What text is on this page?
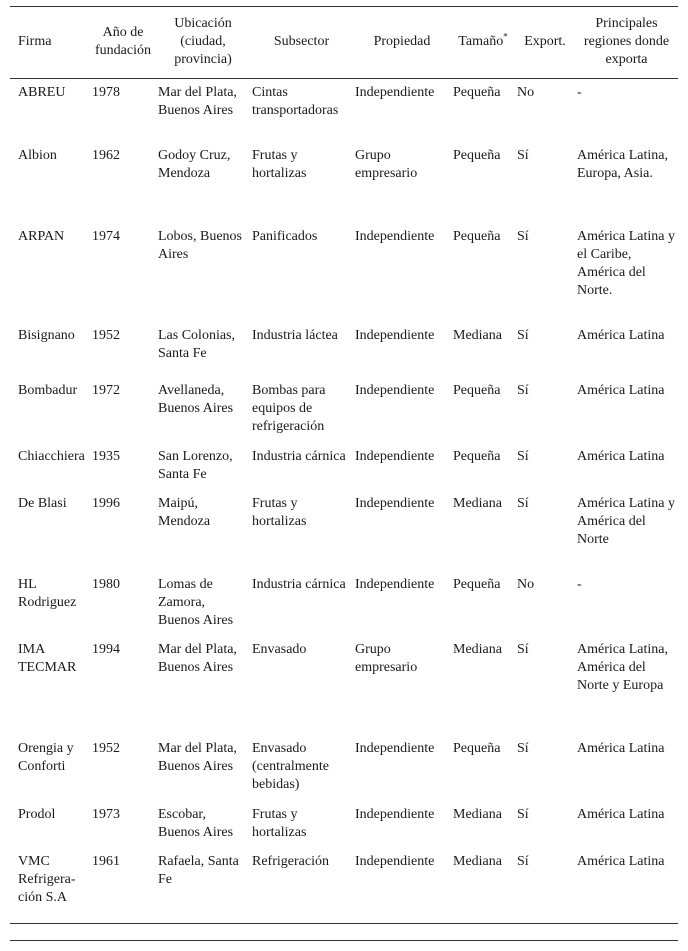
Firma	Año de fundación	Ubicación (ciudad, provincia)	Subsector	Propiedad	Tamaño*	Export.	Principales regiones donde exporta
ABREU	1978	Mar del Plata, Buenos Aires	Cintas transportadoras	Independiente	Pequeña	No	-
Albion	1962	Godoy Cruz, Mendoza	Frutas y hortalizas	Grupo empresario	Pequeña	Sí	América Latina, Europa, Asia.
ARPAN	1974	Lobos, Buenos Aires	Panificados	Independiente	Pequeña	Sí	América Latina y el Caribe, América del Norte.
Bisignano	1952	Las Colonias, Santa Fe	Industria láctea	Independiente	Mediana	Sí	América Latina
Bombadur	1972	Avellaneda, Buenos Aires	Bombas para equipos de refrigeración	Independiente	Pequeña	Sí	América Latina
Chiacchiera	1935	San Lorenzo, Santa Fe	Industria cárnica	Independiente	Pequeña	Sí	América Latina
De Blasi	1996	Maipú, Mendoza	Frutas y hortalizas	Independiente	Mediana	Sí	América Latina y América del Norte
HL Rodriguez	1980	Lomas de Zamora, Buenos Aires	Industria cárnica	Independiente	Pequeña	No	-
IMA TECMAR	1994	Mar del Plata, Buenos Aires	Envasado	Grupo empresario	Mediana	Sí	América Latina, América del Norte y Europa
Orengia y Conforti	1952	Mar del Plata, Buenos Aires	Envasado (centralmente bebidas)	Independiente	Pequeña	Sí	América Latina
Prodol	1973	Escobar, Buenos Aires	Frutas y hortalizas	Independiente	Mediana	Sí	América Latina
VMC Refrigera-ción S.A	1961	Rafaela, Santa Fe	Refrigeración	Independiente	Mediana	Sí	América Latina
